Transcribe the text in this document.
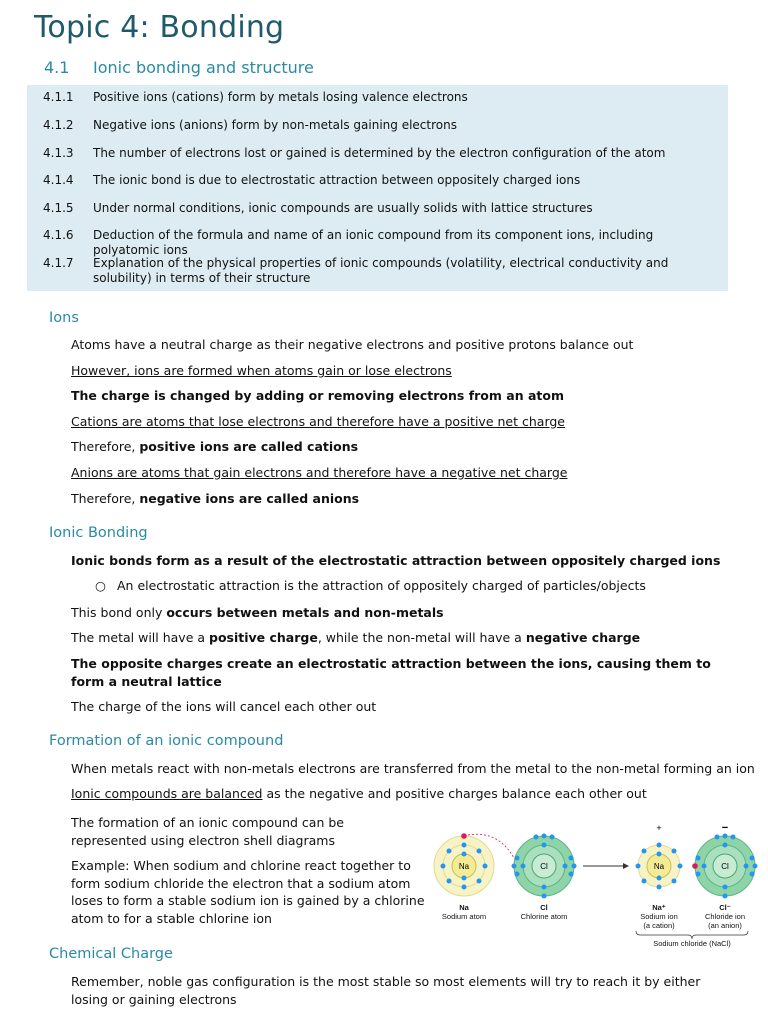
Topic 4: Bonding
4.1	Ionic bonding and structure
4.1.1	Positive ions (cations) form by metals losing valence electrons
4.1.2	Negative ions (anions) form by non-metals gaining electrons
4.1.3	The number of electrons lost or gained is determined by the electron configuration of the atom
4.1.4	The ionic bond is due to electrostatic attraction between oppositely charged ions
4.1.5	Under normal conditions, ionic compounds are usually solids with lattice structures
4.1.6	Deduction of the formula and name of an ionic compound from its component ions, including polyatomic ions
4.1.7	Explanation of the physical properties of ionic compounds (volatility, electrical conductivity and solubility) in terms of their structure
Ions
Atoms have a neutral charge as their negative electrons and positive protons balance out
However, ions are formed when atoms gain or lose electrons
The charge is changed by adding or removing electrons from an atom
Cations are atoms that lose electrons and therefore have a positive net charge
Therefore, positive ions are called cations
Anions are atoms that gain electrons and therefore have a negative net charge
Therefore, negative ions are called anions
Ionic Bonding
Ionic bonds form as a result of the electrostatic attraction between oppositely charged ions
○ An electrostatic attraction is the attraction of oppositely charged of particles/objects
This bond only occurs between metals and non-metals
The metal will have a positive charge, while the non-metal will have a negative charge
The opposite charges create an electrostatic attraction between the ions, causing them to form a neutral lattice
The charge of the ions will cancel each other out
Formation of an ionic compound
When metals react with non-metals electrons are transferred from the metal to the non-metal forming an ion
Ionic compounds are balanced as the negative and positive charges balance each other out
The formation of an ionic compound can be represented using electron shell diagrams
Example: When sodium and chlorine react together to form sodium chloride the electron that a sodium atom loses to form a stable sodium ion is gained by a chlorine atom to for a stable chlorine ion
Na	Cl	Na
+
Cl
−
Na
Sodium atom
Cl
Chlorine atom
Na⁺
Sodium ion
(a cation)
Cl⁻
Chloride ion
(an anion)
Sodium chloride (NaCl)
Chemical Charge
Remember, noble gas configuration is the most stable so most elements will try to reach it by either losing or gaining electrons
